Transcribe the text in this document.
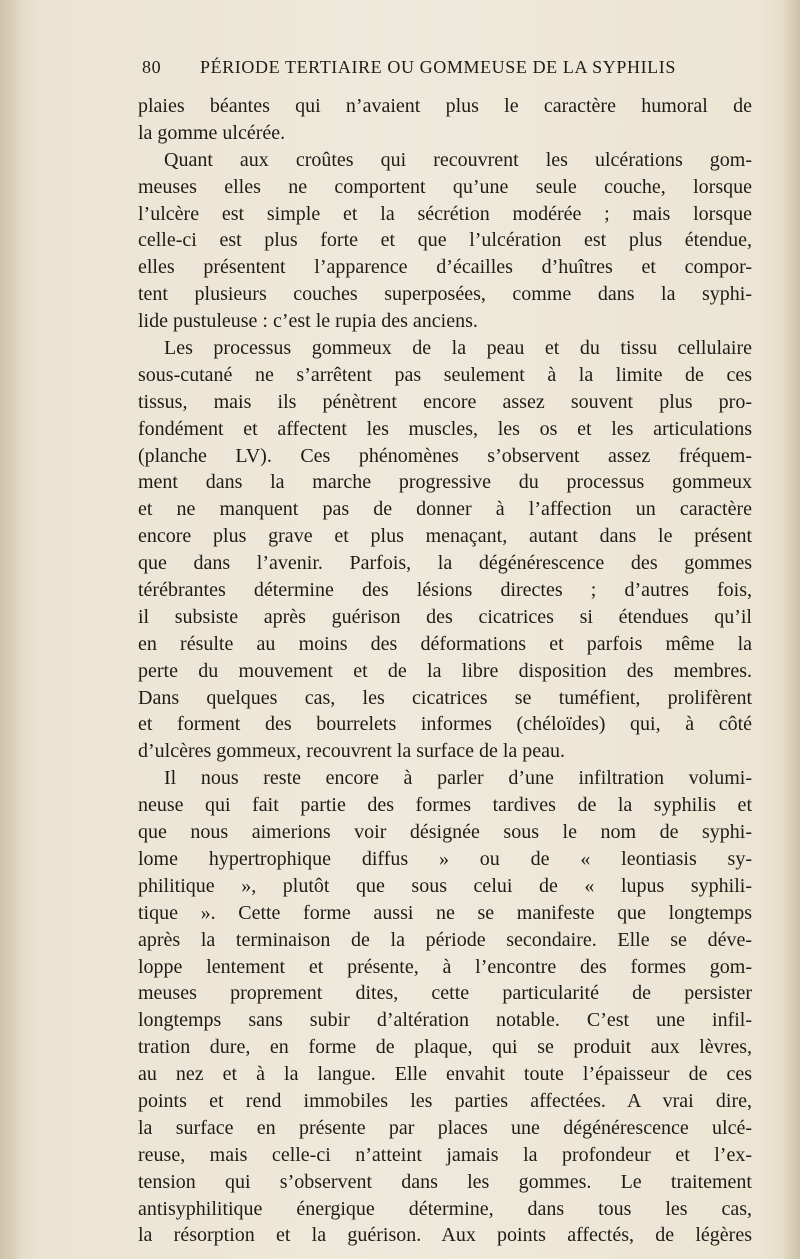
80 PÉRIODE TERTIAIRE OU GOMMEUSE DE LA SYPHILIS
plaies béantes qui n’avaient plus le caractère humoral de
la gomme ulcérée.
Quant aux croûtes qui recouvrent les ulcérations gom-
meuses elles ne comportent qu’une seule couche, lorsque
l’ulcère est simple et la sécrétion modérée ; mais lorsque
celle-ci est plus forte et que l’ulcération est plus étendue,
elles présentent l’apparence d’écailles d’huîtres et compor-
tent plusieurs couches superposées, comme dans la syphi-
lide pustuleuse : c’est le rupia des anciens.
Les processus gommeux de la peau et du tissu cellulaire
sous-cutané ne s’arrêtent pas seulement à la limite de ces
tissus, mais ils pénètrent encore assez souvent plus pro-
fondément et affectent les muscles, les os et les articulations
(planche LV). Ces phénomènes s’observent assez fréquem-
ment dans la marche progressive du processus gommeux
et ne manquent pas de donner à l’affection un caractère
encore plus grave et plus menaçant, autant dans le présent
que dans l’avenir. Parfois, la dégénérescence des gommes
térébrantes détermine des lésions directes ; d’autres fois,
il subsiste après guérison des cicatrices si étendues qu’il
en résulte au moins des déformations et parfois même la
perte du mouvement et de la libre disposition des membres.
Dans quelques cas, les cicatrices se tuméfient, prolifèrent
et forment des bourrelets informes (chéloïdes) qui, à côté
d’ulcères gommeux, recouvrent la surface de la peau.
Il nous reste encore à parler d’une infiltration volumi-
neuse qui fait partie des formes tardives de la syphilis et
que nous aimerions voir désignée sous le nom de syphi-
lome hypertrophique diffus » ou de « leontiasis sy-
philitique », plutôt que sous celui de « lupus syphili-
tique ». Cette forme aussi ne se manifeste que longtemps
après la terminaison de la période secondaire. Elle se déve-
loppe lentement et présente, à l’encontre des formes gom-
meuses proprement dites, cette particularité de persister
longtemps sans subir d’altération notable. C’est une infil-
tration dure, en forme de plaque, qui se produit aux lèvres,
au nez et à la langue. Elle envahit toute l’épaisseur de ces
points et rend immobiles les parties affectées. A vrai dire,
la surface en présente par places une dégénérescence ulcé-
reuse, mais celle-ci n’atteint jamais la profondeur et l’ex-
tension qui s’observent dans les gommes. Le traitement
antisyphilitique énergique détermine, dans tous les cas,
la résorption et la guérison. Aux points affectés, de légères
